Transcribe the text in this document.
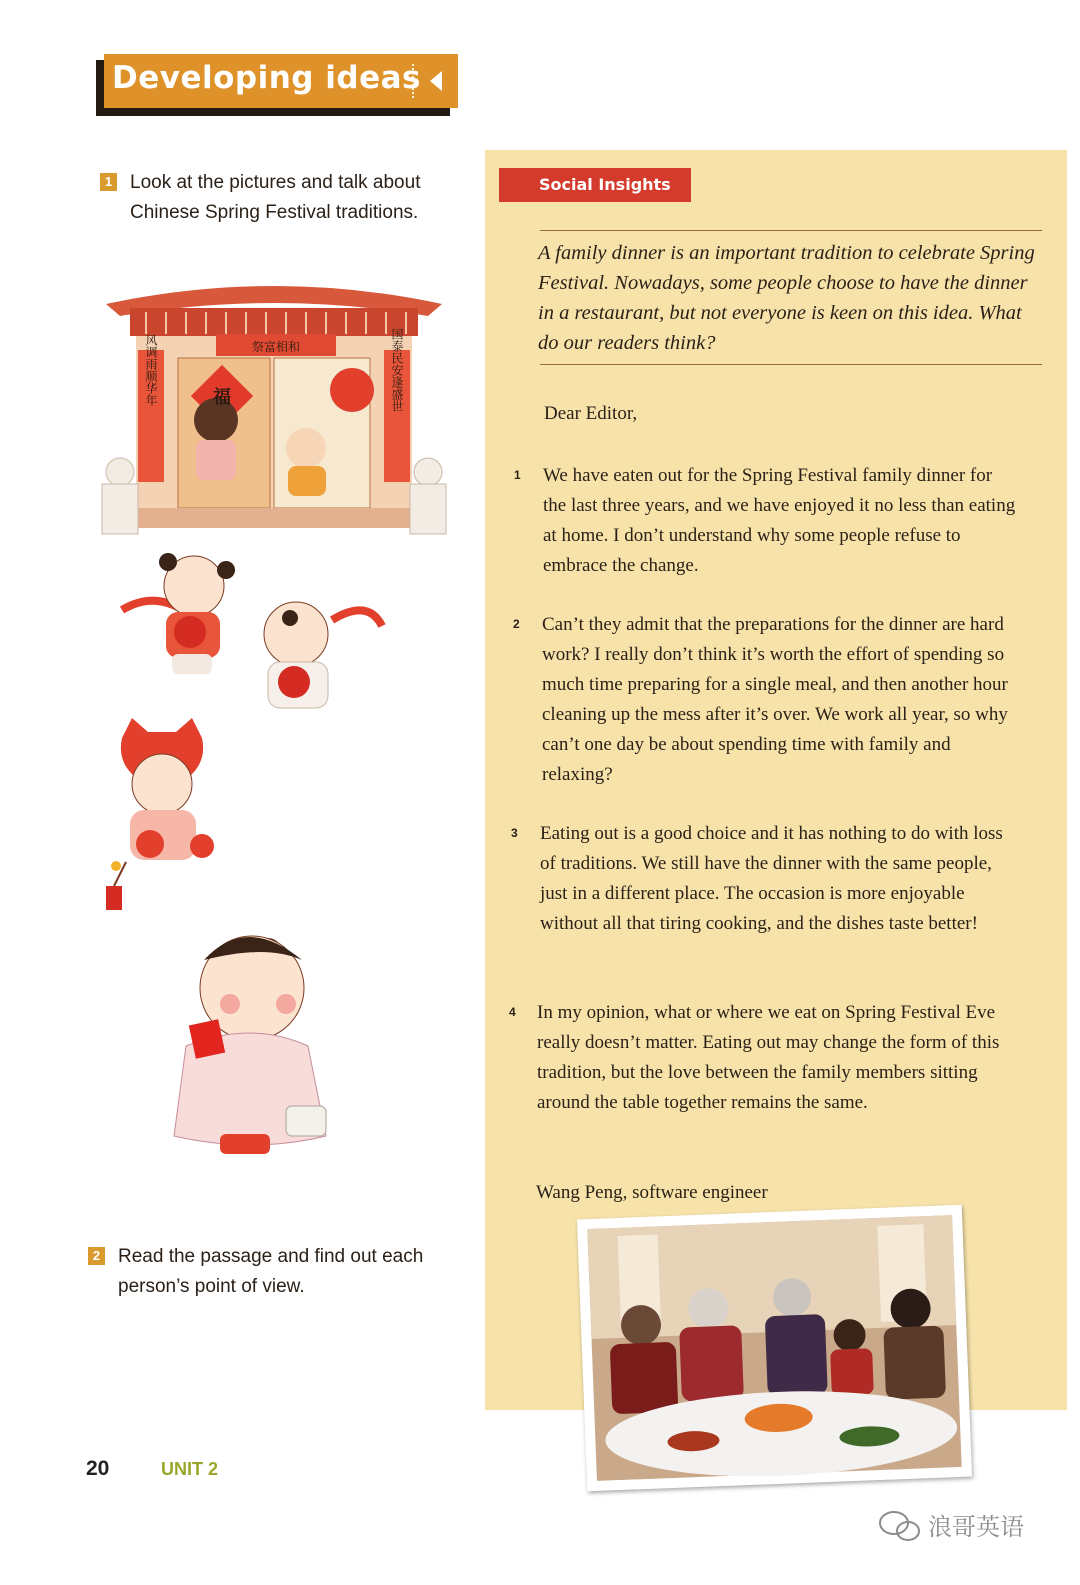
Developing ideas
1 Look at the pictures and talk about Chinese Spring Festival traditions.
祭富相和
风调雨顺华年	国泰民安逢盛世
福
2 Read the passage and find out each person’s point of view.
Social Insights
A family dinner is an important tradition to celebrate Spring Festival. Nowadays, some people choose to have the dinner in a restaurant, but not everyone is keen on this idea. What do our readers think?
Dear Editor,
1 We have eaten out for the Spring Festival family dinner for the last three years, and we have enjoyed it no less than eating at home. I don’t understand why some people refuse to embrace the change.
2 Can’t they admit that the preparations for the dinner are hard work? I really don’t think it’s worth the effort of spending so much time preparing for a single meal, and then another hour cleaning up the mess after it’s over. We work all year, so why can’t one day be about spending time with family and relaxing?
3 Eating out is a good choice and it has nothing to do with loss of traditions. We still have the dinner with the same people, just in a different place. The occasion is more enjoyable without all that tiring cooking, and the dishes taste better!
4 In my opinion, what or where we eat on Spring Festival Eve really doesn’t matter. Eating out may change the form of this tradition, but the love between the family members sitting around the table together remains the same.
Wang Peng, software engineer
20	UNIT 2
浪哥英语
